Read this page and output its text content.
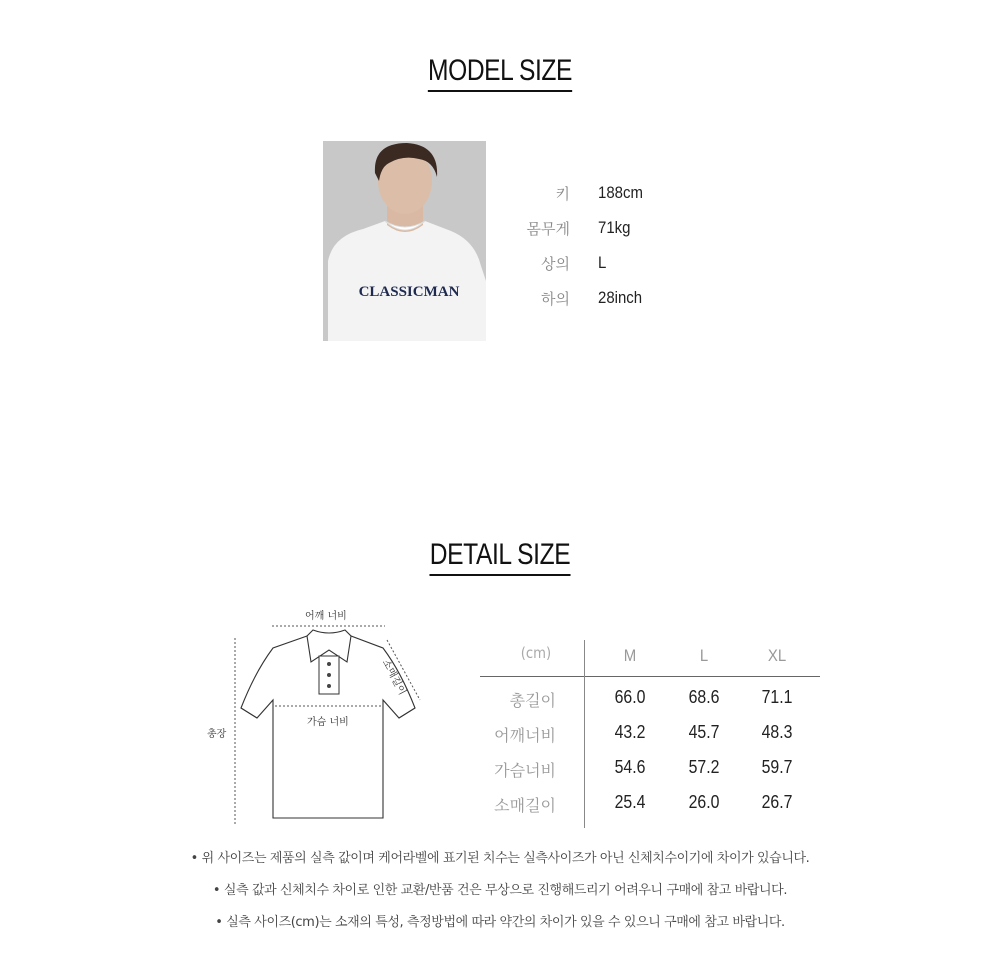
MODEL SIZE
CLASSICMAN
키 188cm
몸무게 71kg
상의 L
하의 28inch
DETAIL SIZE
어깨 너비
소매길이
가슴 너비
총장
(cm)	M	L	XL
총길이	66.0	68.6	71.1
어깨너비	43.2	45.7	48.3
가슴너비	54.6	57.2	59.7
소매길이	25.4	26.0	26.7
• 위 사이즈는 제품의 실측 값이며 케어라벨에 표기된 치수는 실측사이즈가 아닌 신체치수이기에 차이가 있습니다.
• 실측 값과 신체치수 차이로 인한 교환/반품 건은 무상으로 진행해드리기 어려우니 구매에 참고 바랍니다.
• 실측 사이즈(cm)는 소재의 특성, 측정방법에 따라 약간의 차이가 있을 수 있으니 구매에 참고 바랍니다.
